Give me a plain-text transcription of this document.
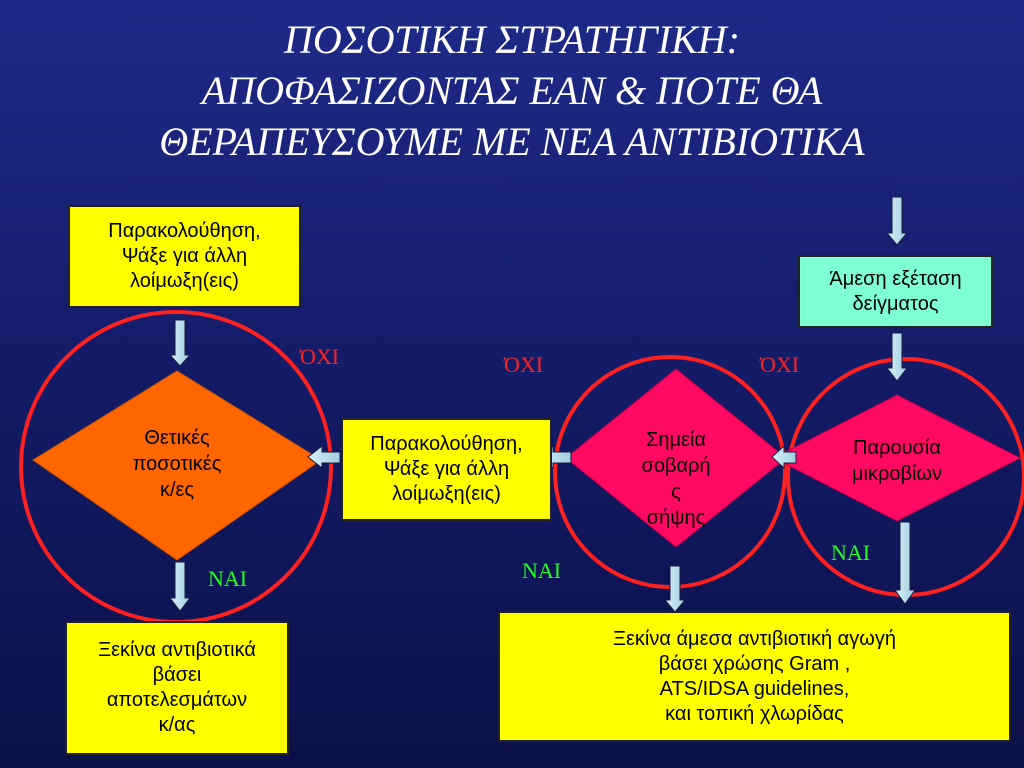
ΠΟΣΟΤΙΚΗ ΣΤΡΑΤΗΓΙΚΗ:
ΑΠΟΦΑΣΙΖΟΝΤΑΣ ΕΑΝ & ΠΟΤΕ ΘΑ
ΘΕΡΑΠΕΥΣΟΥΜΕ ΜΕ ΝΕΑ ΑΝΤΙΒΙΟΤΙΚΑ
Παρακολούθηση,
Ψάξε για άλλη
λοίμωξη(εις)
Παρακολούθηση,
Ψάξε για άλλη
λοίμωξη(εις)
Ξεκίνα αντιβιοτικά
βάσει
αποτελεσμάτων
κ/ας
Άμεση εξέταση
δείγματος
Ξεκίνα άμεσα αντιβιοτική αγωγή
βάσει χρώσης Gram ,
ATS/IDSA guidelines,
και τοπική χλωρίδας
Θετικές
ποσοτικές
κ/ες
Σημεία
σοβαρή
ς
σήψης
Παρουσία
μικροβίων
ΌΧΙ	ΌΧΙ	ΌΧΙ
ΝΑΙ	ΝΑΙ
ΝΑΙ
